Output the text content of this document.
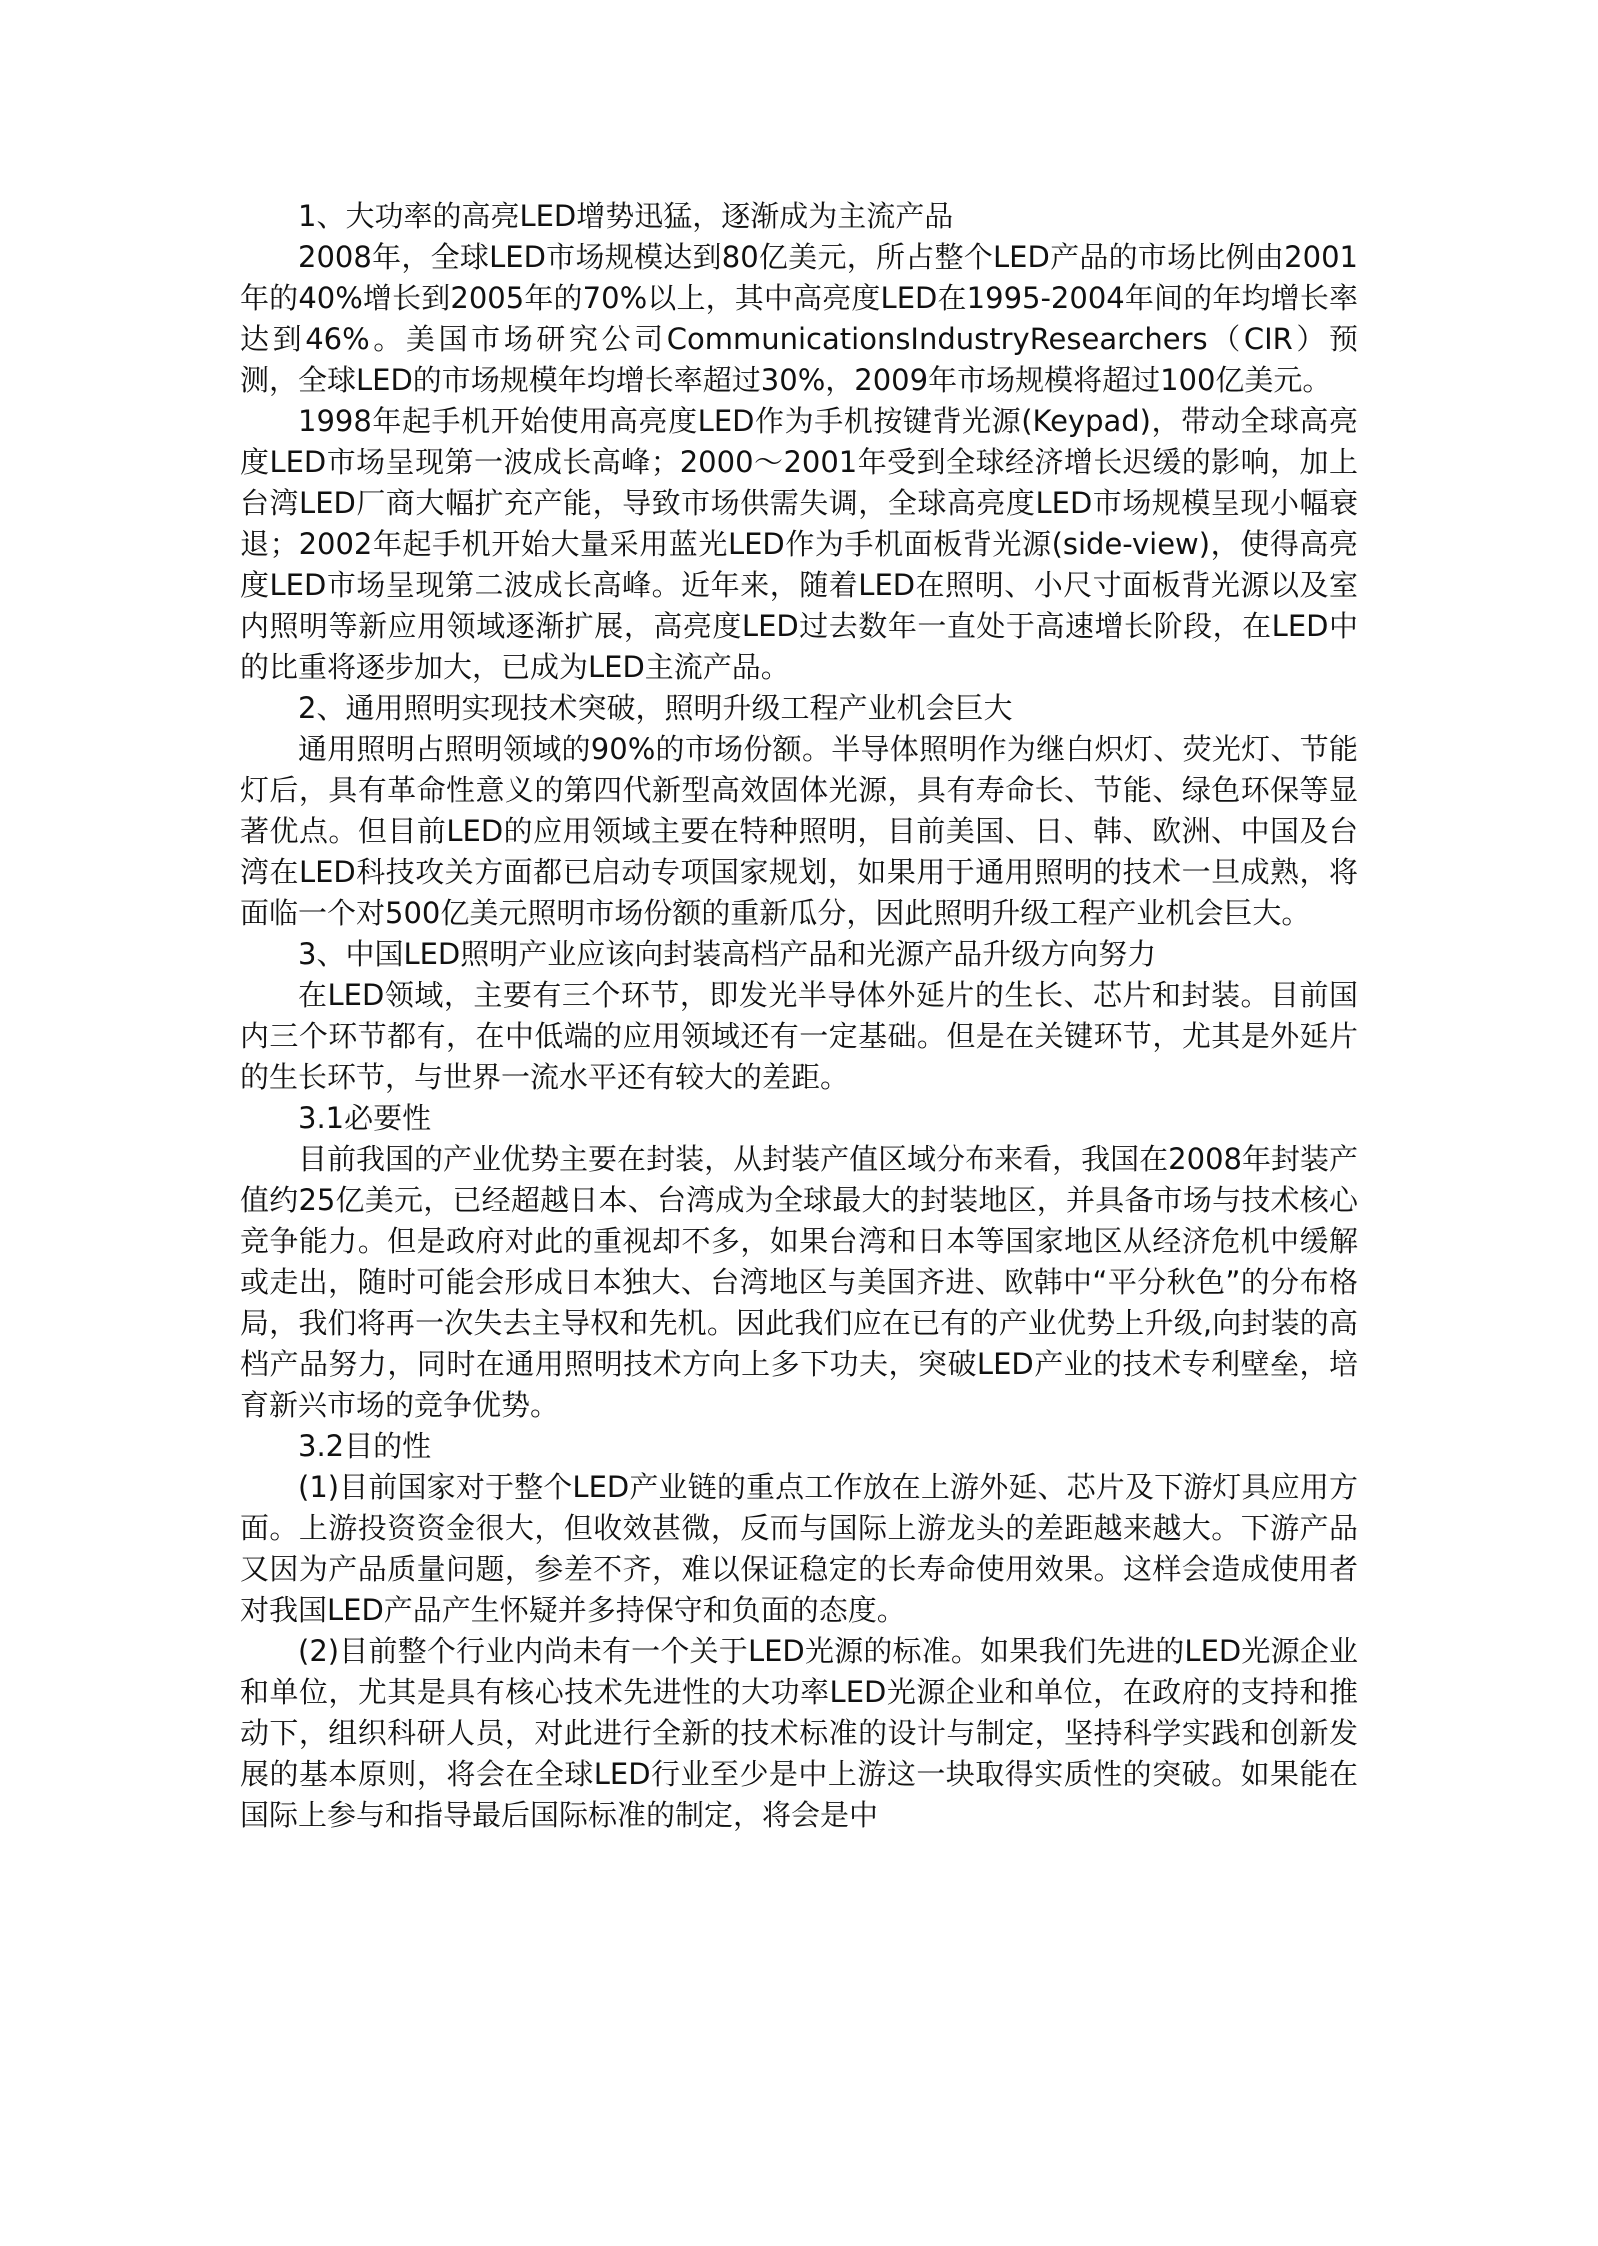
1、大功率的高亮LED增势迅猛，逐渐成为主流产品

2008年，全球LED市场规模达到80亿美元，所占整个LED产品的市场比例由2001年的40%增长到2005年的70%以上，其中高亮度LED在1995-2004年间的年均增长率达到46%。美国市场研究公司CommunicationsIndustryResearchers（CIR）预测，全球LED的市场规模年均增长率超过30%，2009年市场规模将超过100亿美元。

1998年起手机开始使用高亮度LED作为手机按键背光源(Keypad)，带动全球高亮度LED市场呈现第一波成长高峰；2000～2001年受到全球经济增长迟缓的影响，加上台湾LED厂商大幅扩充产能，导致市场供需失调，全球高亮度LED市场规模呈现小幅衰退；2002年起手机开始大量采用蓝光LED作为手机面板背光源(side-view)，使得高亮度LED市场呈现第二波成长高峰。近年来，随着LED在照明、小尺寸面板背光源以及室内照明等新应用领域逐渐扩展，高亮度LED过去数年一直处于高速增长阶段，在LED中的比重将逐步加大，已成为LED主流产品。

2、通用照明实现技术突破，照明升级工程产业机会巨大

通用照明占照明领域的90%的市场份额。半导体照明作为继白炽灯、荧光灯、节能灯后，具有革命性意义的第四代新型高效固体光源，具有寿命长、节能、绿色环保等显著优点。但目前LED的应用领域主要在特种照明，目前美国、日、韩、欧洲、中国及台湾在LED科技攻关方面都已启动专项国家规划，如果用于通用照明的技术一旦成熟，将面临一个对500亿美元照明市场份额的重新瓜分，因此照明升级工程产业机会巨大。

3、中国LED照明产业应该向封装高档产品和光源产品升级方向努力

在LED领域，主要有三个环节，即发光半导体外延片的生长、芯片和封装。目前国内三个环节都有，在中低端的应用领域还有一定基础。但是在关键环节，尤其是外延片的生长环节，与世界一流水平还有较大的差距。

3.1必要性

目前我国的产业优势主要在封装，从封装产值区域分布来看，我国在2008年封装产值约25亿美元，已经超越日本、台湾成为全球最大的封装地区，并具备市场与技术核心竞争能力。但是政府对此的重视却不多，如果台湾和日本等国家地区从经济危机中缓解或走出，随时可能会形成日本独大、台湾地区与美国齐进、欧韩中“平分秋色”的分布格局，我们将再一次失去主导权和先机。因此我们应在已有的产业优势上升级,向封装的高档产品努力，同时在通用照明技术方向上多下功夫，突破LED产业的技术专利壁垒，培育新兴市场的竞争优势。

3.2目的性

(1)目前国家对于整个LED产业链的重点工作放在上游外延、芯片及下游灯具应用方面。上游投资资金很大，但收效甚微，反而与国际上游龙头的差距越来越大。下游产品又因为产品质量问题，参差不齐，难以保证稳定的长寿命使用效果。这样会造成使用者对我国LED产品产生怀疑并多持保守和负面的态度。

(2)目前整个行业内尚未有一个关于LED光源的标准。如果我们先进的LED光源企业和单位，尤其是具有核心技术先进性的大功率LED光源企业和单位，在政府的支持和推动下，组织科研人员，对此进行全新的技术标准的设计与制定，坚持科学实践和创新发展的基本原则，将会在全球LED行业至少是中上游这一块取得实质性的突破。如果能在国际上参与和指导最后国际标准的制定，将会是中
